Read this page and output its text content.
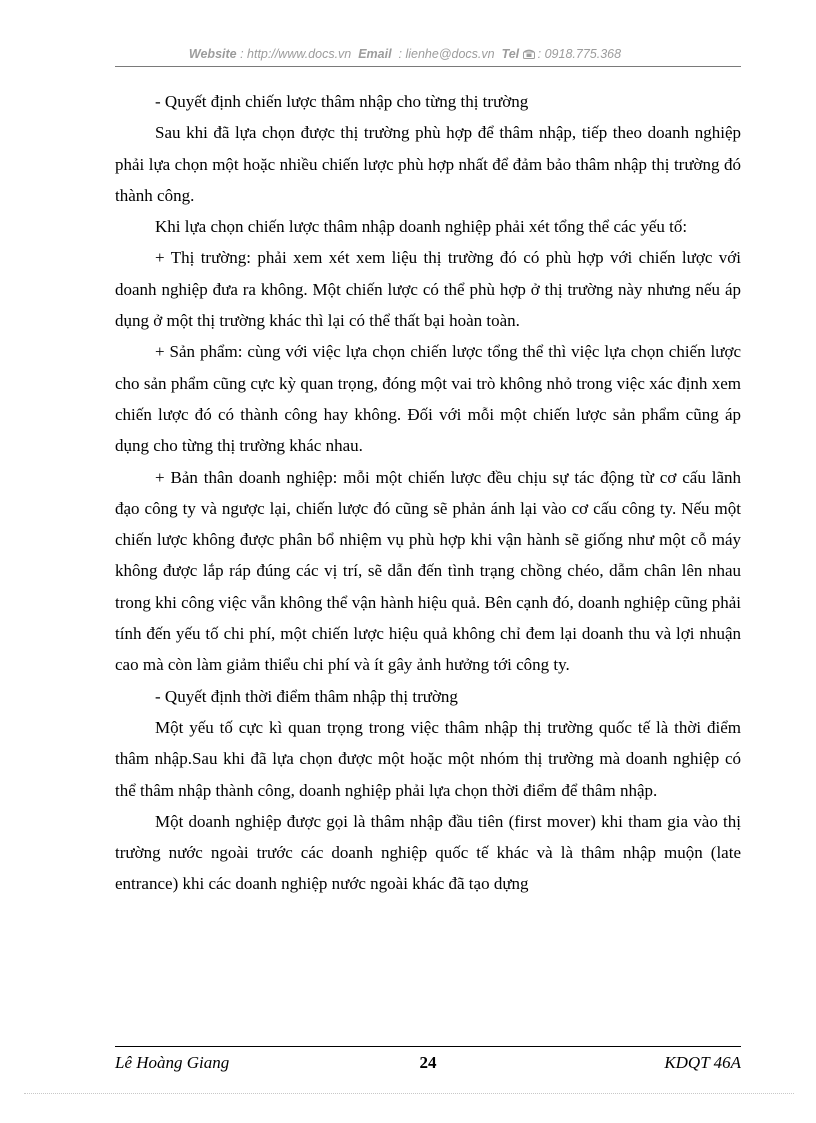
Website : http://www.docs.vn Email : lienhe@docs.vn Tel : 0918.775.368

- Quyết định chiến lược thâm nhập cho từng thị trường

Sau khi đã lựa chọn được thị trường phù hợp để thâm nhập, tiếp theo doanh nghiệp phải lựa chọn một hoặc nhiều chiến lược phù hợp nhất để đảm bảo thâm nhập thị trường đó thành công.

Khi lựa chọn chiến lược thâm nhập doanh nghiệp phải xét tổng thể các yếu tố:

+ Thị trường: phải xem xét xem liệu thị trường đó có phù hợp với chiến lược với doanh nghiệp đưa ra không. Một chiến lược có thể phù hợp ở thị trường này nhưng nếu áp dụng ở một thị trường khác thì lại có thể thất bại hoàn toàn.

+ Sản phẩm: cùng với việc lựa chọn chiến lược tổng thể thì việc lựa chọn chiến lược cho sản phẩm cũng cực kỳ quan trọng, đóng một vai trò không nhỏ trong việc xác định xem chiến lược đó có thành công hay không. Đối với mỗi một chiến lược sản phẩm cũng áp dụng cho từng thị trường khác nhau.

+ Bản thân doanh nghiệp: mỗi một chiến lược đều chịu sự tác động từ cơ cấu lãnh đạo công ty và ngược lại, chiến lược đó cũng sẽ phản ánh lại vào cơ cấu công ty. Nếu một chiến lược không được phân bổ nhiệm vụ phù hợp khi vận hành sẽ giống như một cỗ máy không được lắp ráp đúng các vị trí, sẽ dẫn đến tình trạng chồng chéo, dẫm chân lên nhau trong khi công việc vẫn không thể vận hành hiệu quả. Bên cạnh đó, doanh nghiệp cũng phải tính đến yếu tố chi phí, một chiến lược hiệu quả không chỉ đem lại doanh thu và lợi nhuận cao mà còn làm giảm thiểu chi phí và ít gây ảnh hưởng tới công ty.

- Quyết định thời điểm thâm nhập thị trường

Một yếu tố cực kì quan trọng trong việc thâm nhập thị trường quốc tế là thời điểm thâm nhập.Sau khi đã lựa chọn được một hoặc một nhóm thị trường mà doanh nghiệp có thể thâm nhập thành công, doanh nghiệp phải lựa chọn thời điểm để thâm nhập.

Một doanh nghiệp được gọi là thâm nhập đầu tiên (first mover) khi tham gia vào thị trường nước ngoài trước các doanh nghiệp quốc tế khác và là thâm nhập muộn (late entrance) khi các doanh nghiệp nước ngoài khác đã tạo dựng

Lê Hoàng Giang	24	KDQT 46A
